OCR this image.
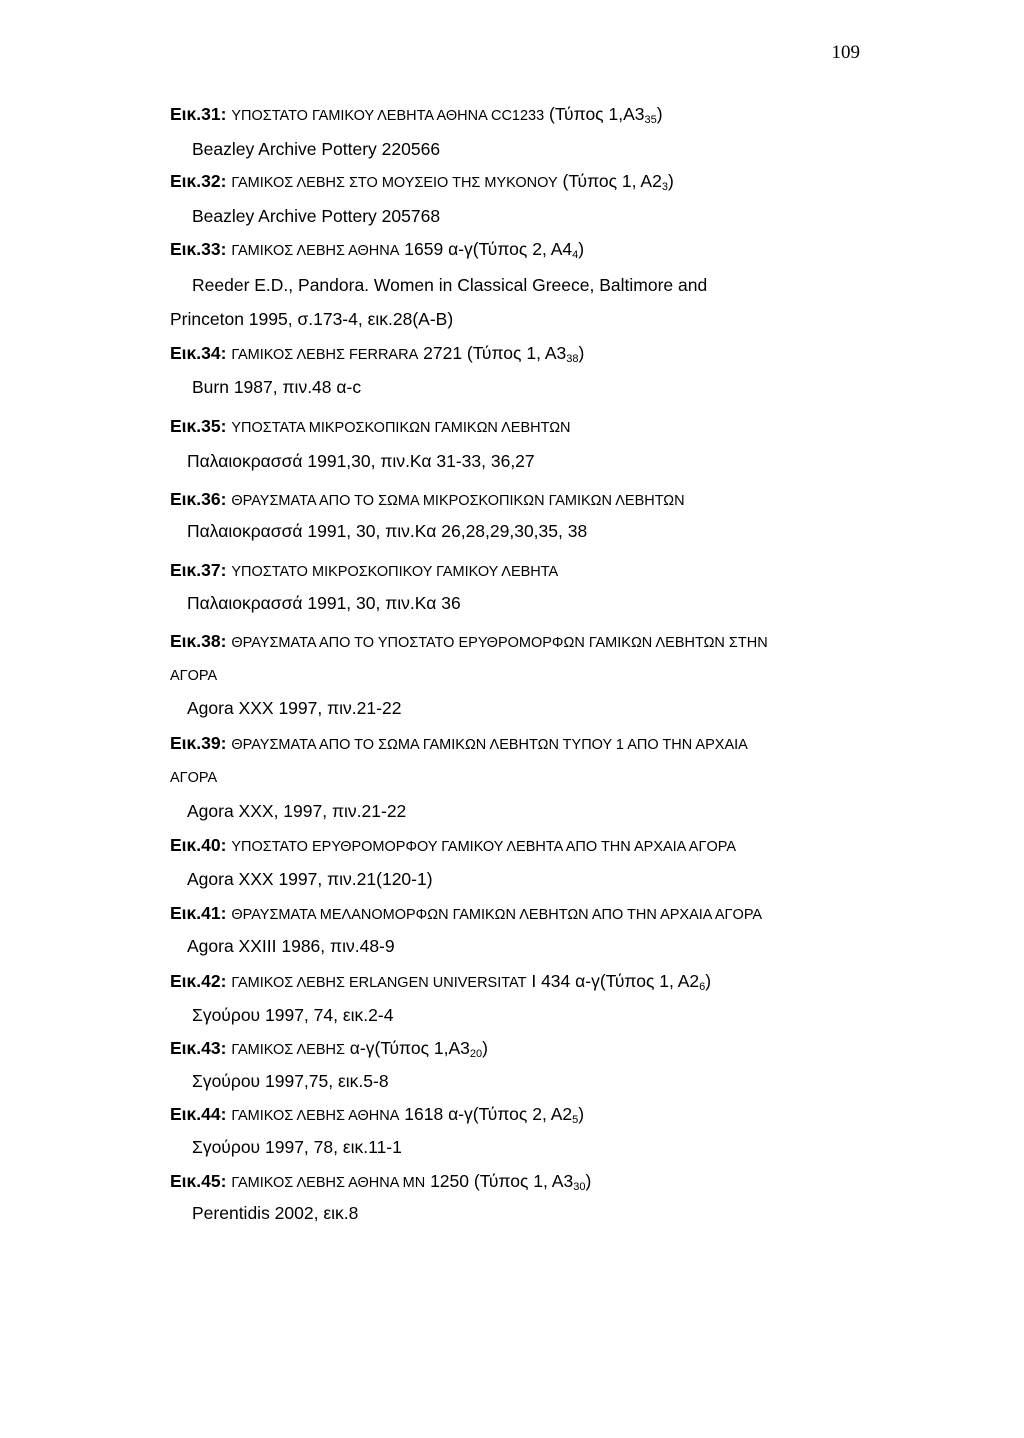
109
Εικ.31: ΥΠΟΣΤΑΤΟ ΓΑΜΙΚΟΥ ΛΕΒΗΤΑ ΑΘΗΝΑ CC1233 (Τύπος $1,A3_{35}$)
Beazley Archive Pottery 220566
Εικ.32: ΓΑΜΙΚΟΣ ΛΕΒΗΣ ΣΤΟ ΜΟΥΣΕΙΟ ΤΗΣ ΜΥΚΟΝΟΥ (Τύπος 1, $A2_3$)
Beazley Archive Pottery 205768
Εικ.33: ΓΑΜΙΚΟΣ ΛΕΒΗΣ ΑΘΗΝΑ 1659 α-γ(Τύπος 2, $A4_4$)
Reeder E.D., Pandora. Women in Classical Greece, Baltimore and
Princeton 1995, σ.173-4, εικ.28(Α-Β)
Εικ.34: ΓΑΜΙΚΟΣ ΛΕΒΗΣ FERRARA 2721 (Τύπος 1, $A3_{38}$)
Burn 1987, πιν.48 α-c
Εικ.35: ΥΠΟΣΤΑΤΑ ΜΙΚΡΟΣΚΟΠΙΚΩΝ ΓΑΜΙΚΩΝ ΛΕΒΗΤΩΝ
Παλαιοκρασσά 1991,30, πιν.Κα 31-33, 36,27
Εικ.36: ΘΡΑΥΣΜΑΤΑ ΑΠΟ ΤΟ ΣΩΜΑ ΜΙΚΡΟΣΚΟΠΙΚΩΝ ΓΑΜΙΚΩΝ ΛΕΒΗΤΩΝ
Παλαιοκρασσά 1991, 30, πιν.Κα 26,28,29,30,35, 38
Εικ.37: ΥΠΟΣΤΑΤΟ ΜΙΚΡΟΣΚΟΠΙΚΟΥ ΓΑΜΙΚΟΥ ΛΕΒΗΤΑ
Παλαιοκρασσά 1991, 30, πιν.Κα 36
Εικ.38: ΘΡΑΥΣΜΑΤΑ ΑΠΟ ΤΟ ΥΠΟΣΤΑΤΟ ΕΡΥΘΡΟΜΟΡΦΩΝ ΓΑΜΙΚΩΝ ΛΕΒΗΤΩΝ ΣΤΗΝ
ΑΓΟΡΑ
Agora XXX 1997, πιν.21-22
Εικ.39: ΘΡΑΥΣΜΑΤΑ ΑΠΟ ΤΟ ΣΩΜΑ ΓΑΜΙΚΩΝ ΛΕΒΗΤΩΝ ΤΥΠΟΥ 1 ΑΠΟ ΤΗΝ ΑΡΧΑΙΑ
ΑΓΟΡΑ
Agora XXX, 1997, πιν.21-22
Εικ.40: ΥΠΟΣΤΑΤΟ ΕΡΥΘΡΟΜΟΡΦΟΥ ΓΑΜΙΚΟΥ ΛΕΒΗΤΑ ΑΠΟ ΤΗΝ ΑΡΧΑΙΑ ΑΓΟΡΑ
Agora XXX 1997, πιν.21(120-1)
Εικ.41: ΘΡΑΥΣΜΑΤΑ ΜΕΛΑΝΟΜΟΡΦΩΝ ΓΑΜΙΚΩΝ ΛΕΒΗΤΩΝ ΑΠΟ ΤΗΝ ΑΡΧΑΙΑ ΑΓΟΡΑ
Agora XXIII 1986, πιν.48-9
Εικ.42: ΓΑΜΙΚΟΣ ΛΕΒΗΣ ERLANGEN UNIVERSITAT I 434 α-γ(Τύπος 1, $A2_6$)
Σγούρου 1997, 74, εικ.2-4
Εικ.43: ΓΑΜΙΚΟΣ ΛΕΒΗΣ α-γ(Τύπος $1,A3_{20}$)
Σγούρου 1997,75, εικ.5-8
Εικ.44: ΓΑΜΙΚΟΣ ΛΕΒΗΣ ΑΘΗΝΑ 1618 α-γ(Τύπος 2, $A2_5$)
Σγούρου 1997, 78, εικ.11-1
Εικ.45: ΓΑΜΙΚΟΣ ΛΕΒΗΣ ΑΘΗΝΑ ΜΝ 1250 (Τύπος 1, $A3_{30}$)
Perentidis 2002, εικ.8
